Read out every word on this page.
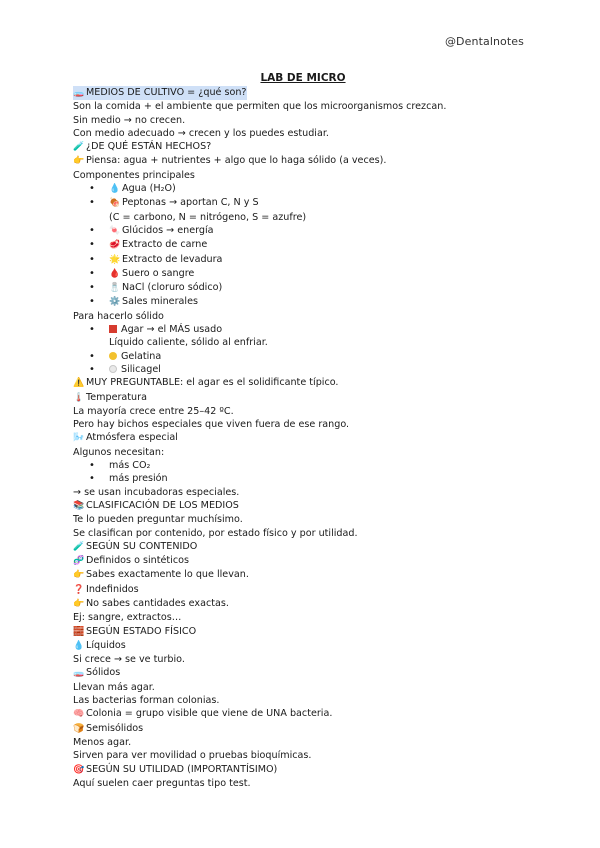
@Dentalnotes
LAB DE MICRO
🧫 MEDIOS DE CULTIVO = ¿qué son?
Son la comida + el ambiente que permiten que los microorganismos crezcan.
Sin medio → no crecen.
Con medio adecuado → crecen y los puedes estudiar.
🧪 ¿DE QUÉ ESTÁN HECHOS?
👉 Piensa: agua + nutrientes + algo que lo haga sólido (a veces).
Componentes principales
• 💧 Agua (H₂O)
• 🍖 Peptonas → aportan C, N y S
(C = carbono, N = nitrógeno, S = azufre)
• 🍬 Glúcidos → energía
• 🥩 Extracto de carne
• 🌟 Extracto de levadura
• 🩸 Suero o sangre
• 🧂 NaCl (cloruro sódico)
• ⚙️ Sales minerales
Para hacerlo sólido
• Agar → el MÁS usado
Líquido caliente, sólido al enfriar.
• Gelatina
• Silicagel
⚠️ MUY PREGUNTABLE: el agar es el solidificante típico.
🌡️ Temperatura
La mayoría crece entre 25–42 ºC.
Pero hay bichos especiales que viven fuera de ese rango.
🌬️ Atmósfera especial
Algunos necesitan:
• más CO₂
• más presión
→ se usan incubadoras especiales.
📚 CLASIFICACIÓN DE LOS MEDIOS
Te lo pueden preguntar muchísimo.
Se clasifican por contenido, por estado físico y por utilidad.
🧪 SEGÚN SU CONTENIDO
🧬 Definidos o sintéticos
👉 Sabes exactamente lo que llevan.
❓ Indefinidos
👉 No sabes cantidades exactas.
Ej: sangre, extractos…
🧱 SEGÚN ESTADO FÍSICO
💧 Líquidos
Si crece → se ve turbio.
🧫 Sólidos
Llevan más agar.
Las bacterias forman colonias.
🧠 Colonia = grupo visible que viene de UNA bacteria.
🍞 Semisólidos
Menos agar.
Sirven para ver movilidad o pruebas bioquímicas.
🎯 SEGÚN SU UTILIDAD (IMPORTANTÍSIMO)
Aquí suelen caer preguntas tipo test.
